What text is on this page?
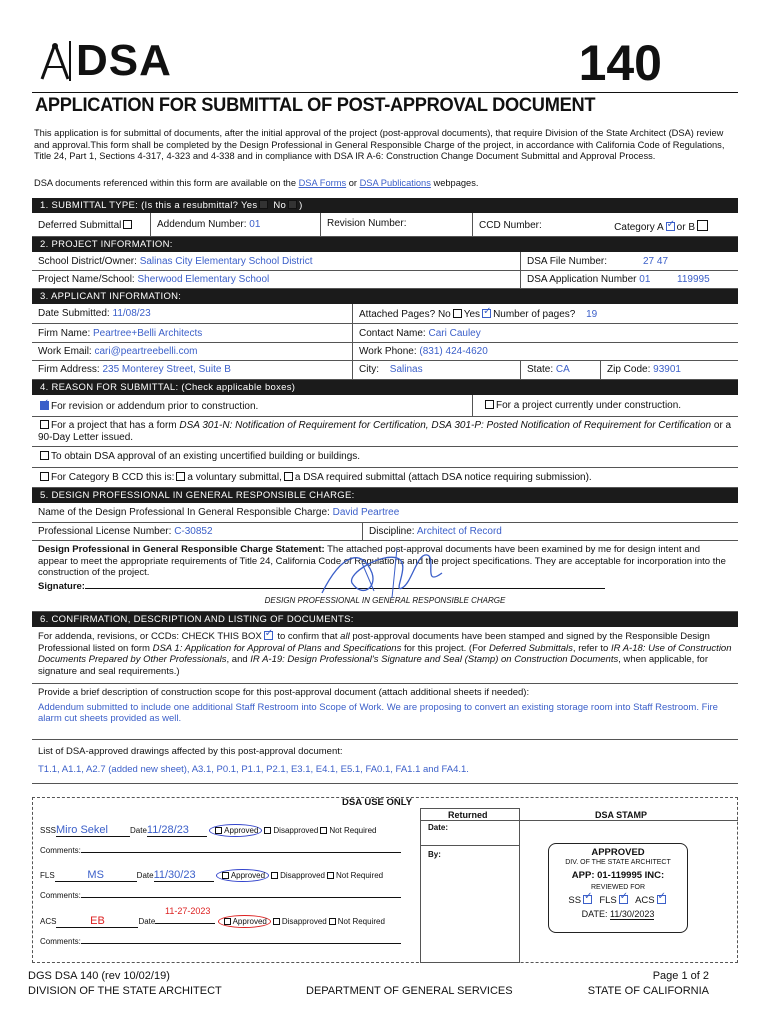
DSA	140
APPLICATION FOR SUBMITTAL OF POST-APPROVAL DOCUMENT
This application is for submittal of documents, after the initial approval of the project (post-approval documents), that require Division of the State Architect (DSA) review and approval.This form shall be completed by the Design Professional in General Responsible Charge of the project, in accordance with California Code of Regulations, Title 24, Part 1, Sections 4-317, 4-323 and 4-338 and in compliance with DSA IR A-6: Construction Change Document Submittal and Approval Process.
DSA documents referenced within this form are available on the DSA Forms or DSA Publications webpages.
1. SUBMITTAL TYPE: (Is this a resubmittal? Yes No )
Deferred Submittal	Addendum Number: 01	Revision Number:	CCD Number:	Category A ✓ or B
2. PROJECT INFORMATION:
School District/Owner: Salinas City Elementary School District	DSA File Number:	27 47
Project Name/School: Sherwood Elementary School	DSA Application Number 01	119995
3. APPLICANT INFORMATION:
Date Submitted: 11/08/23	Attached Pages? No Yes ✓ Number of pages? 19
Firm Name: Peartree+Belli Architects	Contact Name: Cari Cauley
Work Email: cari@peartreebelli.com	Work Phone: (831) 424-4620
Firm Address: 235 Monterey Street, Suite B	City: Salinas	State: CA	Zip Code: 93901
4. REASON FOR SUBMITTAL: (Check applicable boxes)
✓For revision or addendum prior to construction.	For a project currently under construction.
For a project that has a form DSA 301-N: Notification of Requirement for Certification, DSA 301-P: Posted Notification of Requirement for Certification or a 90-Day Letter issued.
To obtain DSA approval of an existing uncertified building or buildings.
For Category B CCD this is: a voluntary submittal, a DSA required submittal (attach DSA notice requiring submission).
5. DESIGN PROFESSIONAL IN GENERAL RESPONSIBLE CHARGE:
Name of the Design Professional In General Responsible Charge: David Peartree
Professional License Number: C-30852	Discipline: Architect of Record
Design Professional in General Responsible Charge Statement: The attached post-approval documents have been examined by me for design intent and appear to meet the appropriate requirements of Title 24, California Code of Regulations and the project specifications. They are acceptable for incorporation into the construction of the project.
Signature:
DESIGN PROFESSIONAL IN GENERAL RESPONSIBLE CHARGE
6. CONFIRMATION, DESCRIPTION AND LISTING OF DOCUMENTS:
For addenda, revisions, or CCDs: CHECK THIS BOX✓ to confirm that all post-approval documents have been stamped and signed by the Responsible Design Professional listed on form DSA 1: Application for Approval of Plans and Specifications for this project. (For Deferred Submittals, refer to IR A-18: Use of Construction Documents Prepared by Other Professionals, and IR A-19: Design Professional's Signature and Seal (Stamp) on Construction Documents, when applicable, for signature and seal requirements.)
Provide a brief description of construction scope for this post-approval document (attach additional sheets if needed):
Addendum submitted to include one additional Staff Restroom into Scope of Work. We are proposing to convert an existing storage room into Staff Restroom. Fire alarm cut sheets provided as well.
List of DSA-approved drawings affected by this post-approval document:
T1.1, A1.1, A2.7 (added new sheet), A3.1, P0.1, P1.1, P2.1, E3.1, E4.1, E5.1, FA0.1, FA1.1 and FA4.1.
DSA USE ONLY
Returned
Date:
By:
DSA STAMP
SSSMiro Sekel	Date11/28/23	Approved Disapproved Not Required
Comments:
FLS	MS	Date11/30/23	Approved Disapproved Not Required
Comments:
11-27-2023
ACS	EB	Date	Approved Disapproved Not Required
Comments:
APPROVED
DIV. OF THE STATE ARCHITECT
APP: 01-119995 INC:
REVIEWED FOR
SS ✓ FLS ✓ ACS✓
DATE: 11/30/2023
DGS DSA 140 (rev 10/02/19)
DIVISION OF THE STATE ARCHITECT	DEPARTMENT OF GENERAL SERVICES
Page 1 of 2
STATE OF CALIFORNIA
